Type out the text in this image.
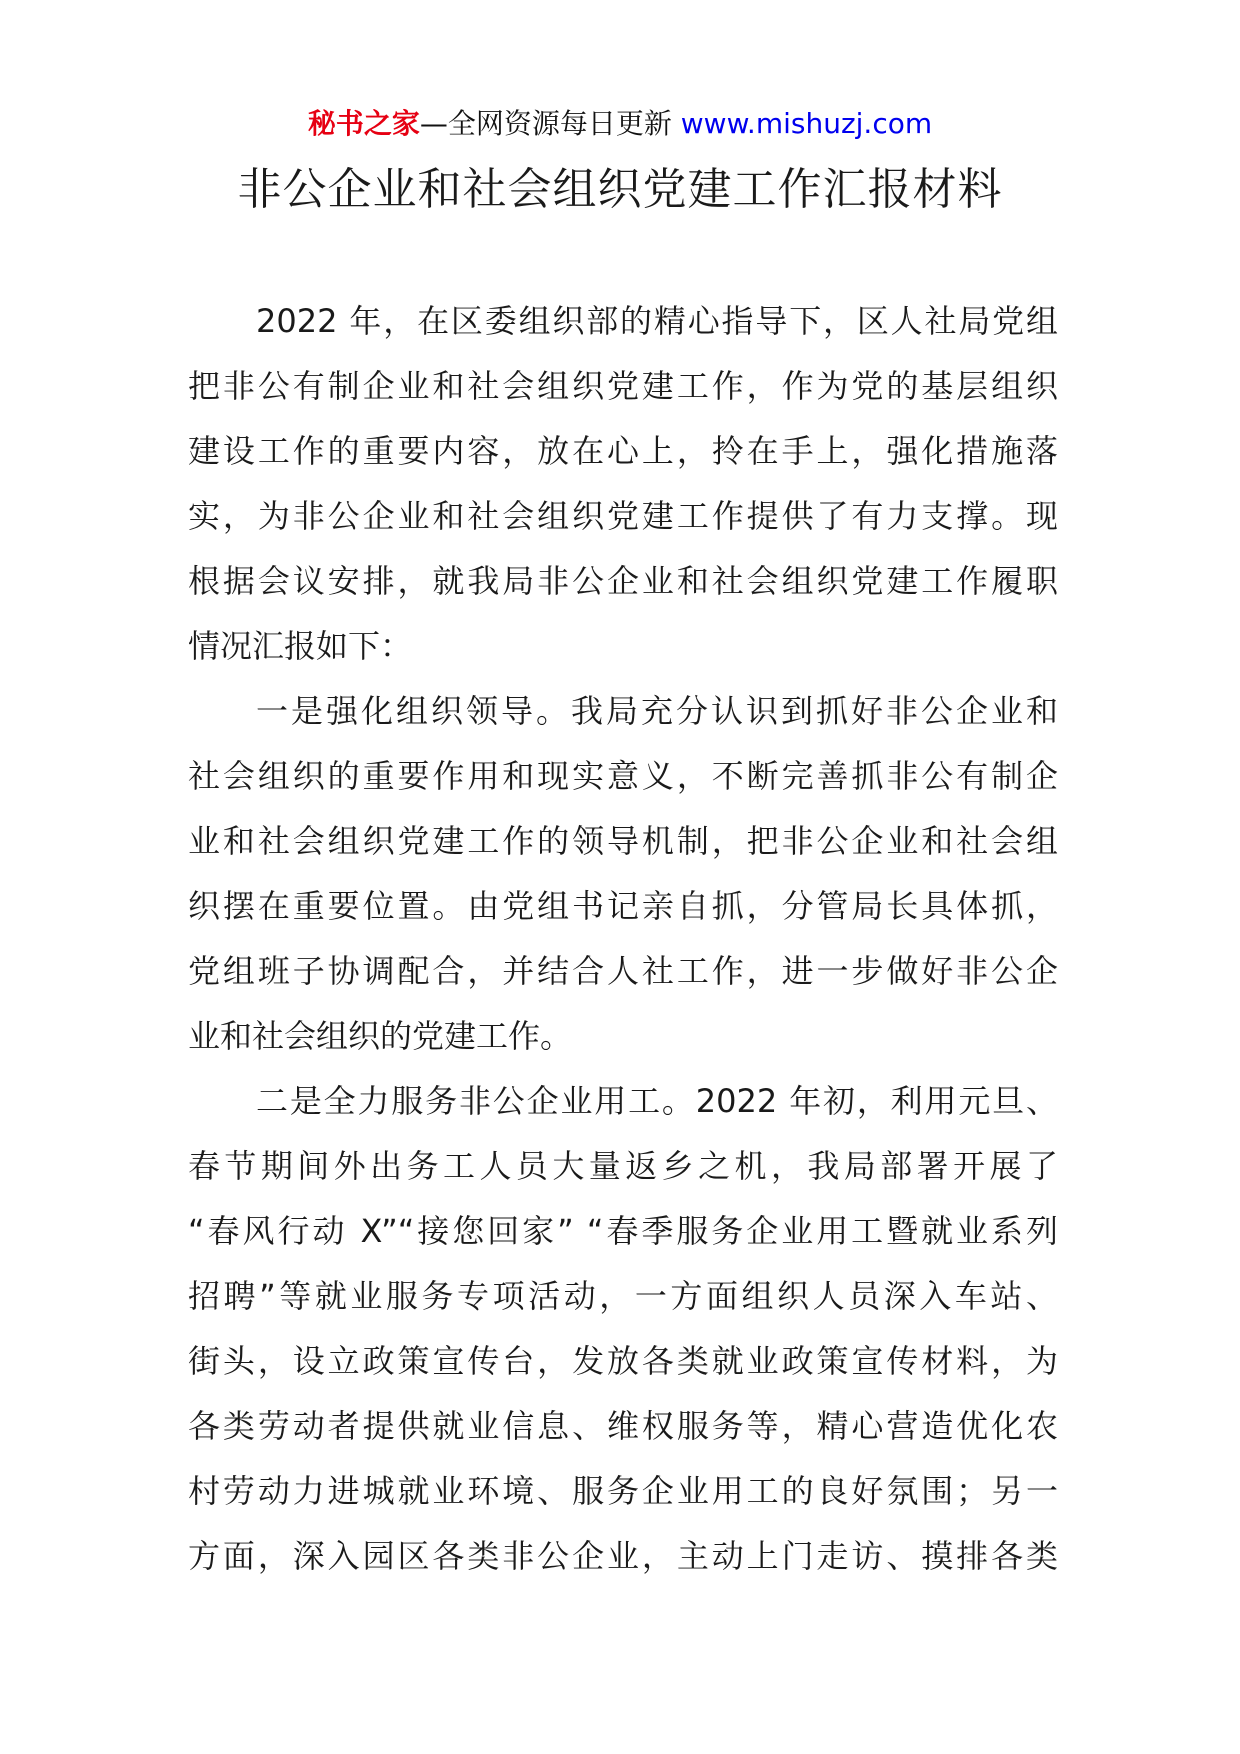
秘书之家—全网资源每日更新 www.mishuzj.com
非公企业和社会组织党建工作汇报材料
2022 年，在区委组织部的精心指导下，区人社局党组
把非公有制企业和社会组织党建工作，作为党的基层组织
建设工作的重要内容，放在心上，拎在手上，强化措施落
实，为非公企业和社会组织党建工作提供了有力支撑。现
根据会议安排，就我局非公企业和社会组织党建工作履职
情况汇报如下：
一是强化组织领导。我局充分认识到抓好非公企业和
社会组织的重要作用和现实意义，不断完善抓非公有制企
业和社会组织党建工作的领导机制，把非公企业和社会组
织摆在重要位置。由党组书记亲自抓，分管局长具体抓，
党组班子协调配合，并结合人社工作，进一步做好非公企
业和社会组织的党建工作。
二是全力服务非公企业用工。2022 年初，利用元旦、
春节期间外出务工人员大量返乡之机，我局部署开展了
“春风行动 X”“接您回家” “春季服务企业用工暨就业系列
招聘”等就业服务专项活动，一方面组织人员深入车站、
街头，设立政策宣传台，发放各类就业政策宣传材料，为
各类劳动者提供就业信息、维权服务等，精心营造优化农
村劳动力进城就业环境、服务企业用工的良好氛围；另一
方面，深入园区各类非公企业，主动上门走访、摸排各类
